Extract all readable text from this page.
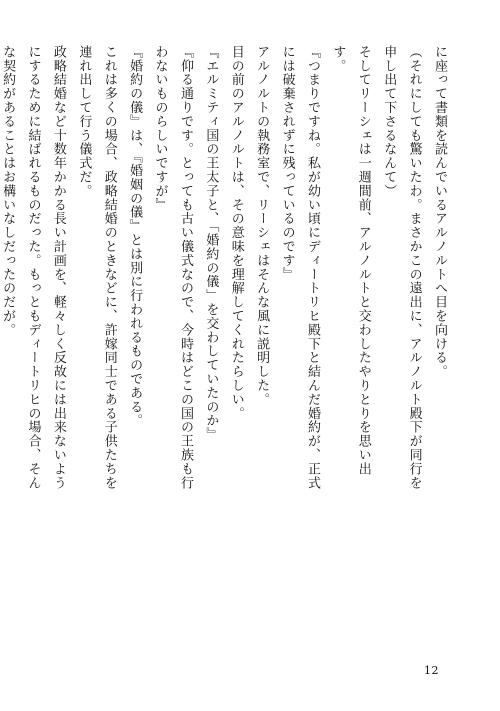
に座って書類を読んでいるアルノルトへ目を向ける。

（それにしても驚いたわ。まさかこの遠出に、アルノルト殿下が同行を申し出て下さるなんて）

そしてリーシェは一週間前、アルノルトと交わしたやりとりを思い出す。

『つまりですね。私が幼い頃にディートリヒ殿下と結んだ婚約が、正式には破棄されずに残っているのです』

アルノルトの執務室で、リーシェはそんな風に説明した。

目の前のアルノルトは、その意味を理解してくれたらしい。

『エルミティ国の王太子と、「婚約の儀」を交わしていたのか』

『仰る通りです。とっても古い儀式なので、今時はどこの国の王族も行わないものらしいですが』

『婚約の儀』は、『婚姻の儀』とは別に行われるものである。

これは多くの場合、政略結婚のときなどに、許嫁同士である子供たちを連れ出して行う儀式だ。

政略結婚など十数年かかる長い計画を、軽々しく反故には出来ないようにするために結ばれるものだった。もっともディートリヒの場合、そんな契約があることはお構いなしだったのだが。

12
